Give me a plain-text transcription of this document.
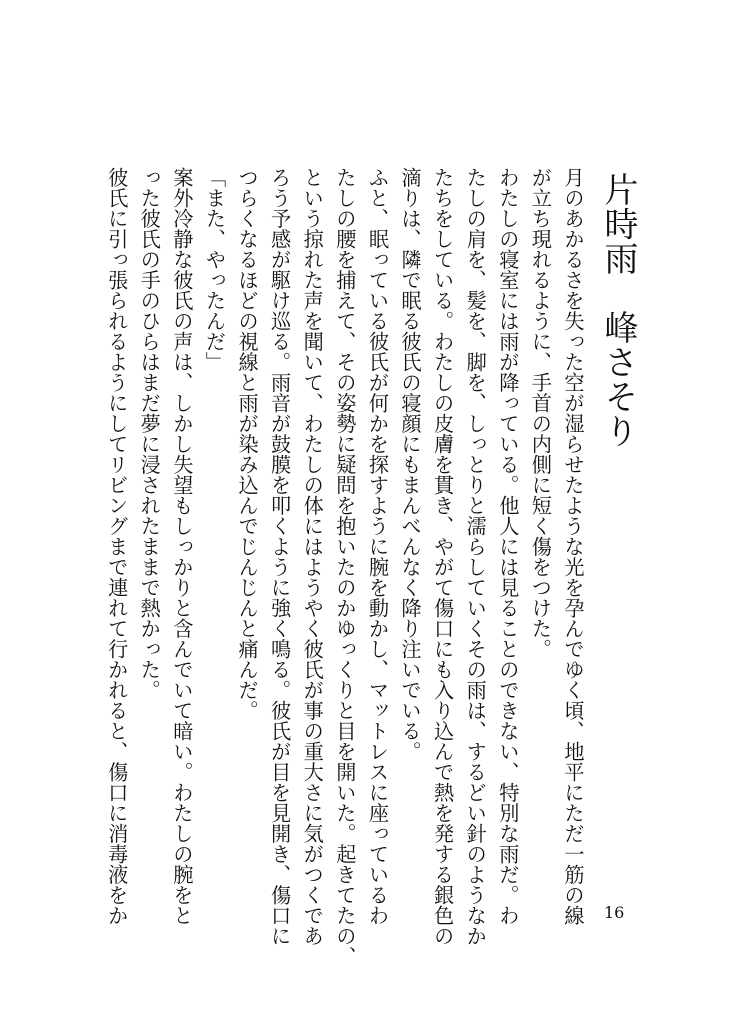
片時雨　峰さそり
月のあかるさを失った空が湿らせたような光を孕んでゆく頃、地平にただ一筋の線
が立ち現れるように、手首の内側に短く傷をつけた。
わたしの寝室には雨が降っている。他人には見ることのできない、特別な雨だ。わ
たしの肩を、髪を、脚を、しっとりと濡らしていくその雨は、するどい針のようなか
たちをしている。わたしの皮膚を貫き、やがて傷口にも入り込んで熱を発する銀色の
滴りは、隣で眠る彼氏の寝顔にもまんべんなく降り注いでいる。
ふと、眠っている彼氏が何かを探すように腕を動かし、マットレスに座っているわ
たしの腰を捕えて、その姿勢に疑問を抱いたのかゆっくりと目を開いた。起きてたの、
という掠れた声を聞いて、わたしの体にはようやく彼氏が事の重大さに気がつくであ
ろう予感が駆け巡る。雨音が鼓膜を叩くように強く鳴る。彼氏が目を見開き、傷口に
つらくなるほどの視線と雨が染み込んでじんじんと痛んだ。
「また、やったんだ」
案外冷静な彼氏の声は、しかし失望もしっかりと含んでいて暗い。わたしの腕をと
った彼氏の手のひらはまだ夢に浸されたままで熱かった。
彼氏に引っ張られるようにしてリビングまで連れて行かれると、傷口に消毒液をか	16
